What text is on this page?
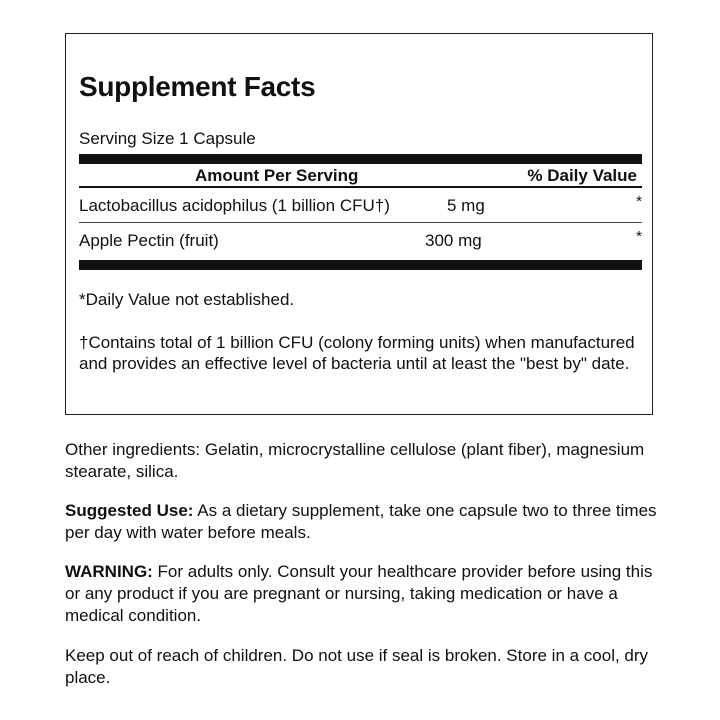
Supplement Facts
Serving Size 1 Capsule
Amount Per Serving	% Daily Value
Lactobacillus acidophilus (1 billion CFU†)	5 mg	*
Apple Pectin (fruit)	300 mg	*

*Daily Value not established.

†Contains total of 1 billion CFU (colony forming units) when manufactured and provides an effective level of bacteria until at least the "best by" date.

Other ingredients: Gelatin, microcrystalline cellulose (plant fiber), magnesium stearate, silica.

Suggested Use: As a dietary supplement, take one capsule two to three times per day with water before meals.

WARNING: For adults only. Consult your healthcare provider before using this or any product if you are pregnant or nursing, taking medication or have a medical condition.

Keep out of reach of children. Do not use if seal is broken. Store in a cool, dry place.
